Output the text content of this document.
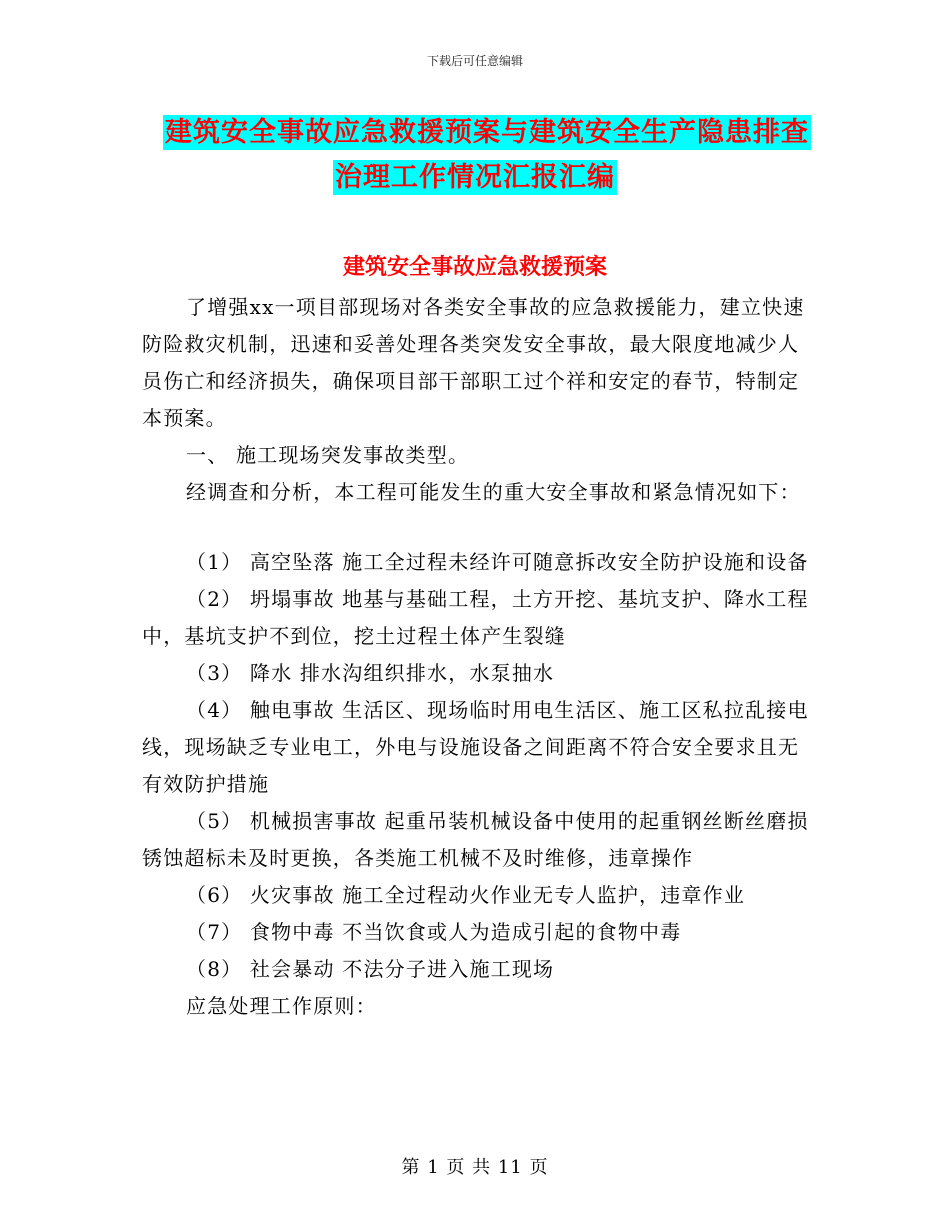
下载后可任意编辑
建筑安全事故应急救援预案与建筑安全生产隐患排查
治理工作情况汇报汇编
建筑安全事故应急救援预案

了增强xx一项目部现场对各类安全事故的应急救援能力，建立快速防险救灾机制，迅速和妥善处理各类突发安全事故，最大限度地减少人员伤亡和经济损失，确保项目部干部职工过个祥和安定的春节，特制定本预案。

一、 施工现场突发事故类型。

经调查和分析，本工程可能发生的重大安全事故和紧急情况如下：

（1） 高空坠落 施工全过程未经许可随意拆改安全防护设施和设备

（2） 坍塌事故 地基与基础工程，土方开挖、基坑支护、降水工程中，基坑支护不到位，挖土过程土体产生裂缝

（3） 降水 排水沟组织排水，水泵抽水

（4） 触电事故 生活区、现场临时用电生活区、施工区私拉乱接电线，现场缺乏专业电工，外电与设施设备之间距离不符合安全要求且无有效防护措施

（5） 机械损害事故 起重吊装机械设备中使用的起重钢丝断丝磨损锈蚀超标未及时更换，各类施工机械不及时维修，违章操作

（6） 火灾事故 施工全过程动火作业无专人监护，违章作业

（7） 食物中毒 不当饮食或人为造成引起的食物中毒

（8） 社会暴动 不法分子进入施工现场

应急处理工作原则：

第 1 页 共 11 页
